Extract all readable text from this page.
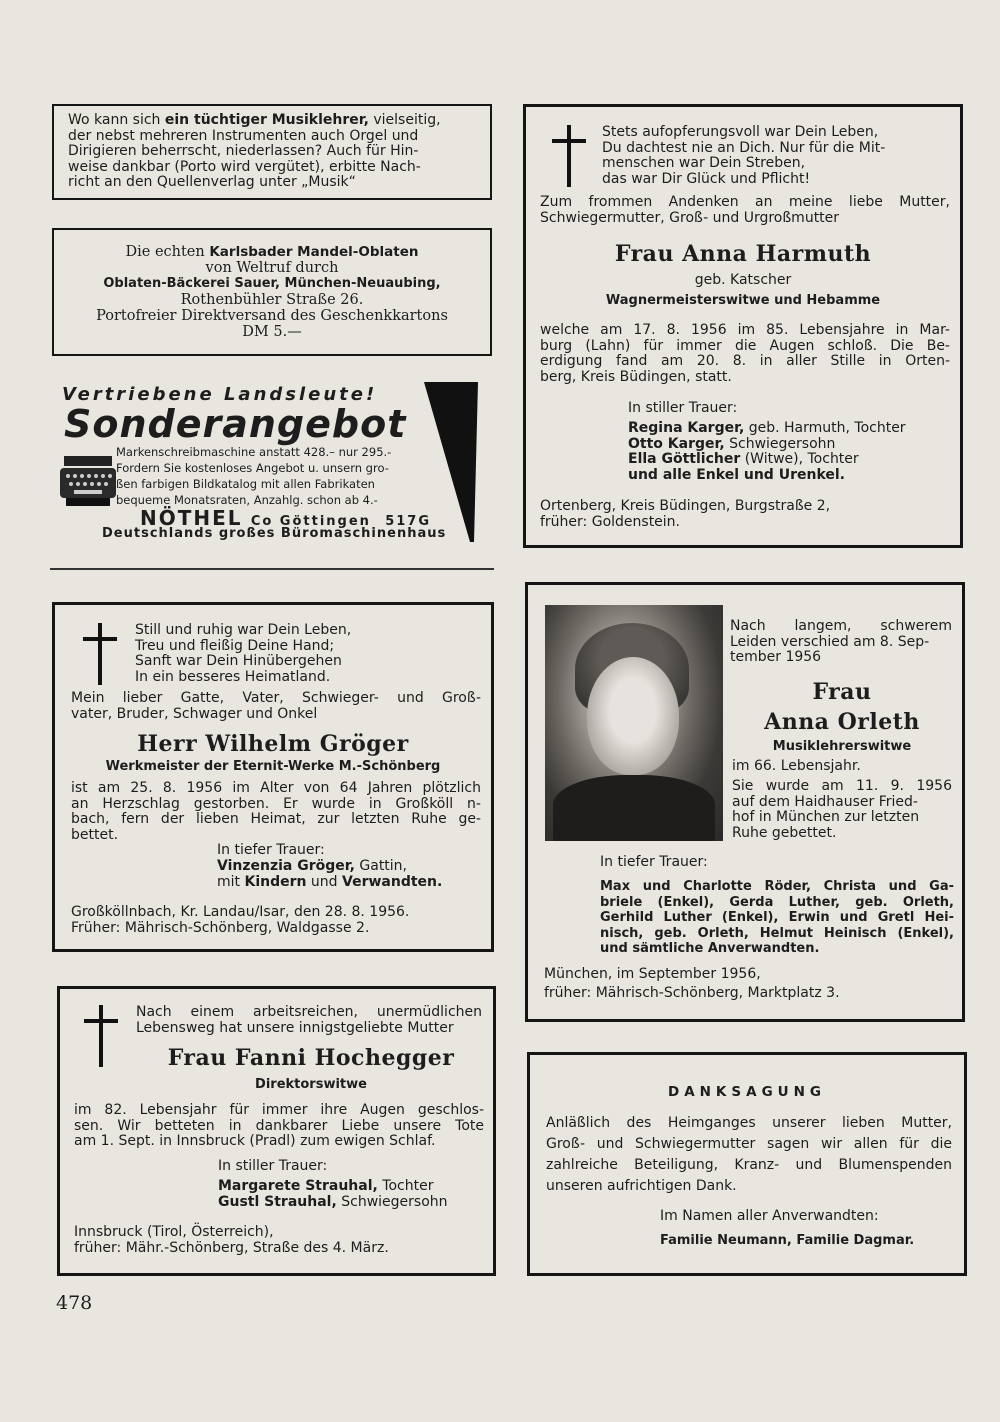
Wo kann sich ein tüchtiger Musiklehrer, vielseitig,

der nebst mehreren Instrumenten auch Orgel und

Dirigieren beherrscht, niederlassen? Auch für Hin-

weise dankbar (Porto wird vergütet), erbitte Nach-

richt an den Quellenverlag unter „Musik“

Die echten Karlsbader Mandel-Oblaten

von Weltruf durch

Oblaten-Bäckerei Sauer, München-Neuaubing,

Rothenbühler Straße 26.

Portofreier Direktversand des Geschenkkartons

DM 5.—

Vertriebene Landsleute!
Sonderangebot

Markenschreibmaschine anstatt 428.– nur 295.-

Fordern Sie kostenloses Angebot u. unsern gro-

ßen farbigen Bildkatalog mit allen Fabrikaten

bequeme Monatsraten, Anzahlg. schon ab 4.-

NÖTHEL Co Göttingen 517G
Deutschlands großes Büromaschinenhaus

Stets aufopferungsvoll war Dein Leben,

Du dachtest nie an Dich. Nur für die Mit-

menschen war Dein Streben,

das war Dir Glück und Pflicht!

Zum frommen Andenken an meine liebe Mutter,

Schwiegermutter, Groß- und Urgroßmutter

Frau Anna Harmuth

geb. Katscher

Wagnermeisterswitwe und Hebamme

welche am 17. 8. 1956 im 85. Lebensjahre in Mar-

burg (Lahn) für immer die Augen schloß. Die Be-

erdigung fand am 20. 8. in aller Stille in Orten-

berg, Kreis Büdingen, statt.

In stiller Trauer:

Regina Karger, geb. Harmuth, Tochter

Otto Karger, Schwiegersohn

Ella Göttlicher (Witwe), Tochter

und alle Enkel und Urenkel.

Ortenberg, Kreis Büdingen, Burgstraße 2,

früher: Goldenstein.

Still und ruhig war Dein Leben,

Treu und fleißig Deine Hand;

Sanft war Dein Hinübergehen

In ein besseres Heimatland.

Mein lieber Gatte, Vater, Schwieger- und Groß-

vater, Bruder, Schwager und Onkel

Herr Wilhelm Gröger

Werkmeister der Eternit-Werke M.-Schönberg

ist am 25. 8. 1956 im Alter von 64 Jahren plötzlich

an Herzschlag gestorben. Er wurde in Großköll n-

bach, fern der lieben Heimat, zur letzten Ruhe ge-

bettet.

In tiefer Trauer:

Vinzenzia Gröger, Gattin,

mit Kindern und Verwandten.

Großköllnbach, Kr. Landau/Isar, den 28. 8. 1956.

Früher: Mährisch-Schönberg, Waldgasse 2.

Nach langem, schwerem

Leiden verschied am 8. Sep-

tember 1956

Frau
Anna Orleth

Musiklehrerswitwe

im 66. Lebensjahr.

Sie wurde am 11. 9. 1956

auf dem Haidhauser Fried-

hof in München zur letzten

Ruhe gebettet.

In tiefer Trauer:

Max und Charlotte Röder, Christa und Ga-

briele (Enkel), Gerda Luther, geb. Orleth,

Gerhild Luther (Enkel), Erwin und Gretl Hei-

nisch, geb. Orleth, Helmut Heinisch (Enkel),

und sämtliche Anverwandten.

München, im September 1956,

früher: Mährisch-Schönberg, Marktplatz 3.

Nach einem arbeitsreichen, unermüdlichen

Lebensweg hat unsere innigstgeliebte Mutter

Frau Fanni Hochegger

Direktorswitwe

im 82. Lebensjahr für immer ihre Augen geschlos-

sen. Wir betteten in dankbarer Liebe unsere Tote

am 1. Sept. in Innsbruck (Pradl) zum ewigen Schlaf.

In stiller Trauer:

Margarete Strauhal, Tochter

Gustl Strauhal, Schwiegersohn

Innsbruck (Tirol, Österreich),

früher: Mähr.-Schönberg, Straße des 4. März.

DANKSAGUNG

Anläßlich des Heimganges unserer lieben Mutter,

Groß- und Schwiegermutter sagen wir allen für die

zahlreiche Beteiligung, Kranz- und Blumenspenden

unseren aufrichtigen Dank.

Im Namen aller Anverwandten:

Familie Neumann, Familie Dagmar.

478
